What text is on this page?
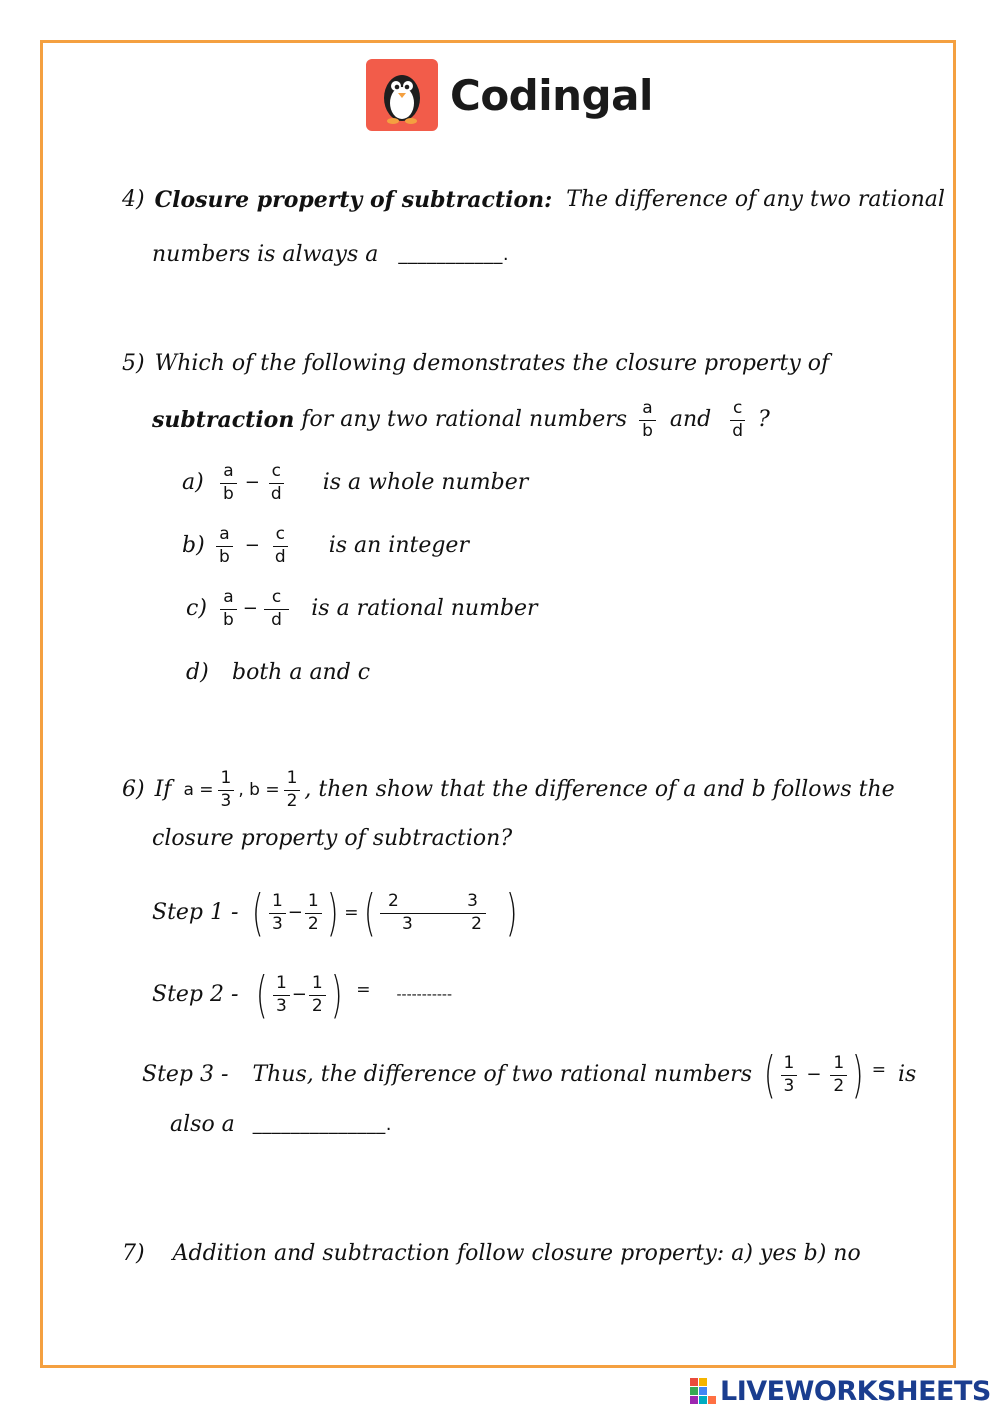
Codingal
4) Closure property of subtraction: The difference of any two rational
numbers is always a ___________.
5) Which of the following demonstrates the closure property of
subtraction for any two rational numbers $\frac{a}{b}$ and $\frac{c}{d}$ ?
$a) \frac{a}{b} - \frac{c}{d}$ is a whole number
$b) \frac{a}{b} - \frac{c}{d}$ is an integer
$c) \frac{a}{b} - \frac{c}{d}$ is a rational number
d)	both a and c
6) If $a = \frac{1}{3}$ , $b = \frac{1}{2}$ , then show that the difference of a and b follows the
closure property of subtraction?
Step 1 - ( $\frac{1}{3} - \frac{1}{2}$ ) = ( 2	3
3	2 )
Step 2 - ( $\frac{1}{3} - \frac{1}{2}$ ) = -----------
Step 3 - Thus, the difference of two rational numbers ( $\frac{1}{3} - \frac{1}{2}$ ) = is
also a ______________.
7) Addition and subtraction follow closure property: a) yes b) no
LIVEWORKSHEETS
